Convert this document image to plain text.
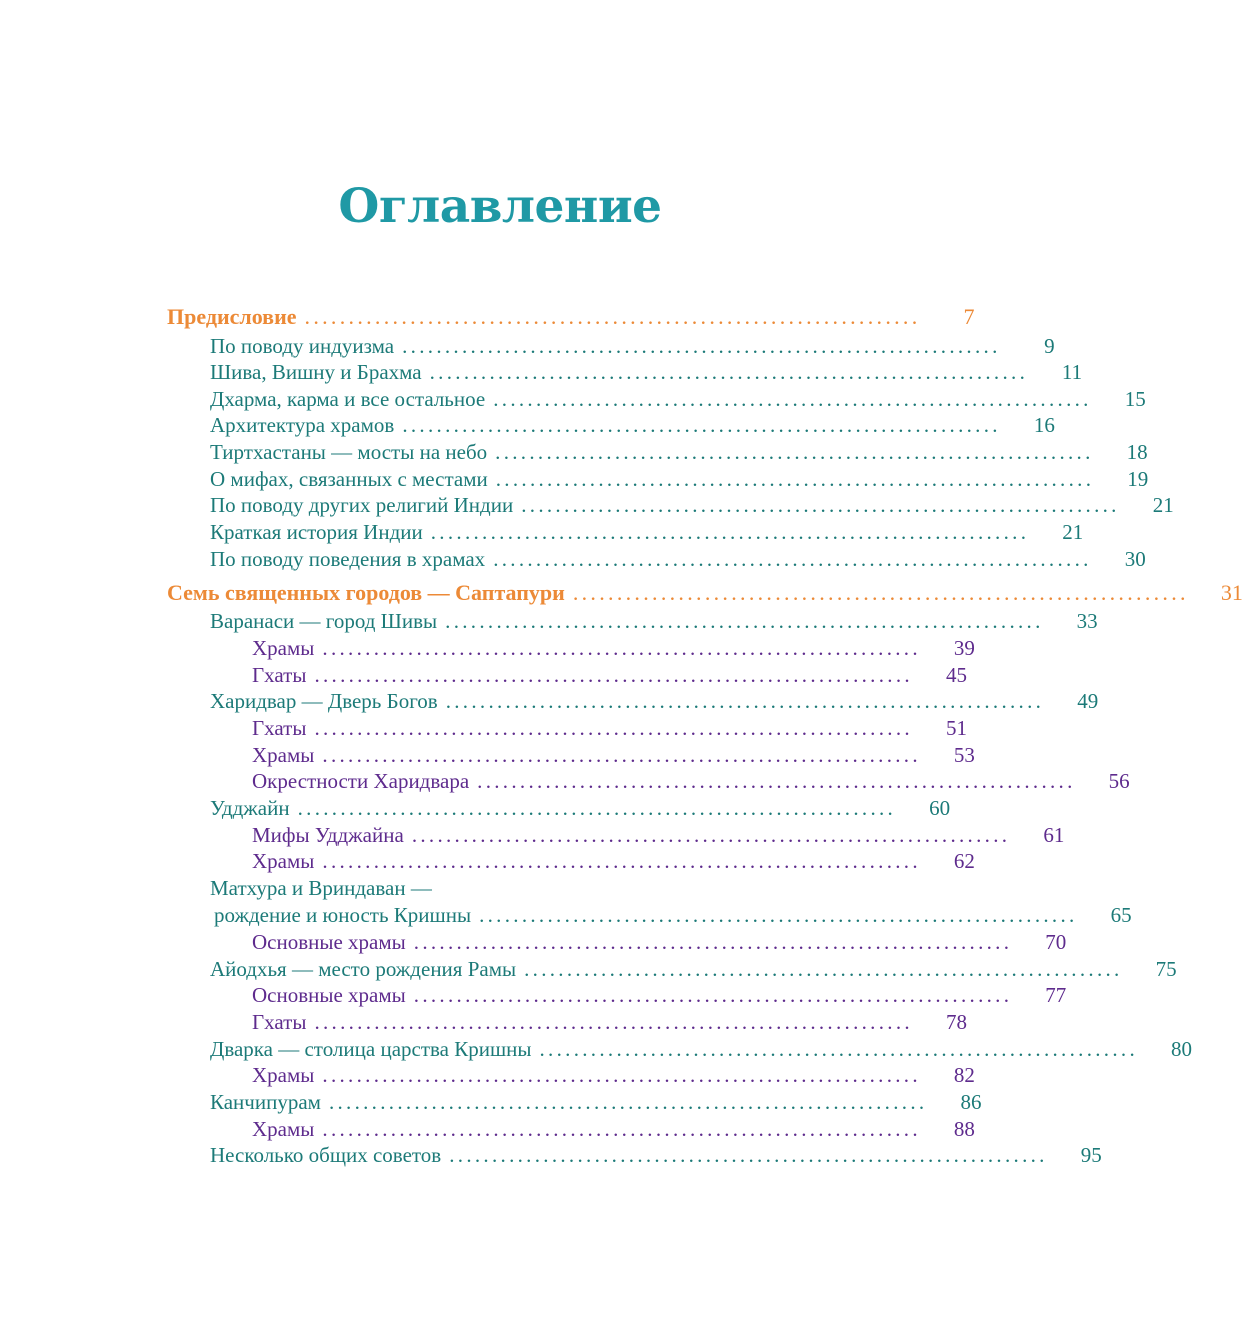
Оглавление
Предисловие ......................................................................	7
По поводу индуизма ......................................................................	9
Шива, Вишну и Брахма ......................................................................	11
Дхарма, карма и все остальное ......................................................................	15
Архитектура храмов ......................................................................	16
Тиртхастаны — мосты на небо ......................................................................	18
О мифах, связанных с местами ......................................................................	19
По поводу других религий Индии ......................................................................	21
Краткая история Индии ......................................................................	21
По поводу поведения в храмах ......................................................................	30
Семь священных городов — Саптапури ......................................................................	31
Варанаси — город Шивы ......................................................................	33
Храмы ......................................................................	39
Гхаты ......................................................................	45
Харидвар — Дверь Богов ......................................................................	49
Гхаты ......................................................................	51
Храмы ......................................................................	53
Окрестности Харидвара ......................................................................	56
Удджайн ......................................................................	60
Мифы Удджайна ......................................................................	61
Храмы ......................................................................	62
Матхура и Вриндаван —
рождение и юность Кришны ......................................................................	65
Основные храмы ......................................................................	70
Айодхья — место рождения Рамы ......................................................................	75
Основные храмы ......................................................................	77
Гхаты ......................................................................	78
Дварка — столица царства Кришны ......................................................................	80
Храмы ......................................................................	82
Канчипурам ......................................................................	86
Храмы ......................................................................	88
Несколько общих советов ......................................................................	95
